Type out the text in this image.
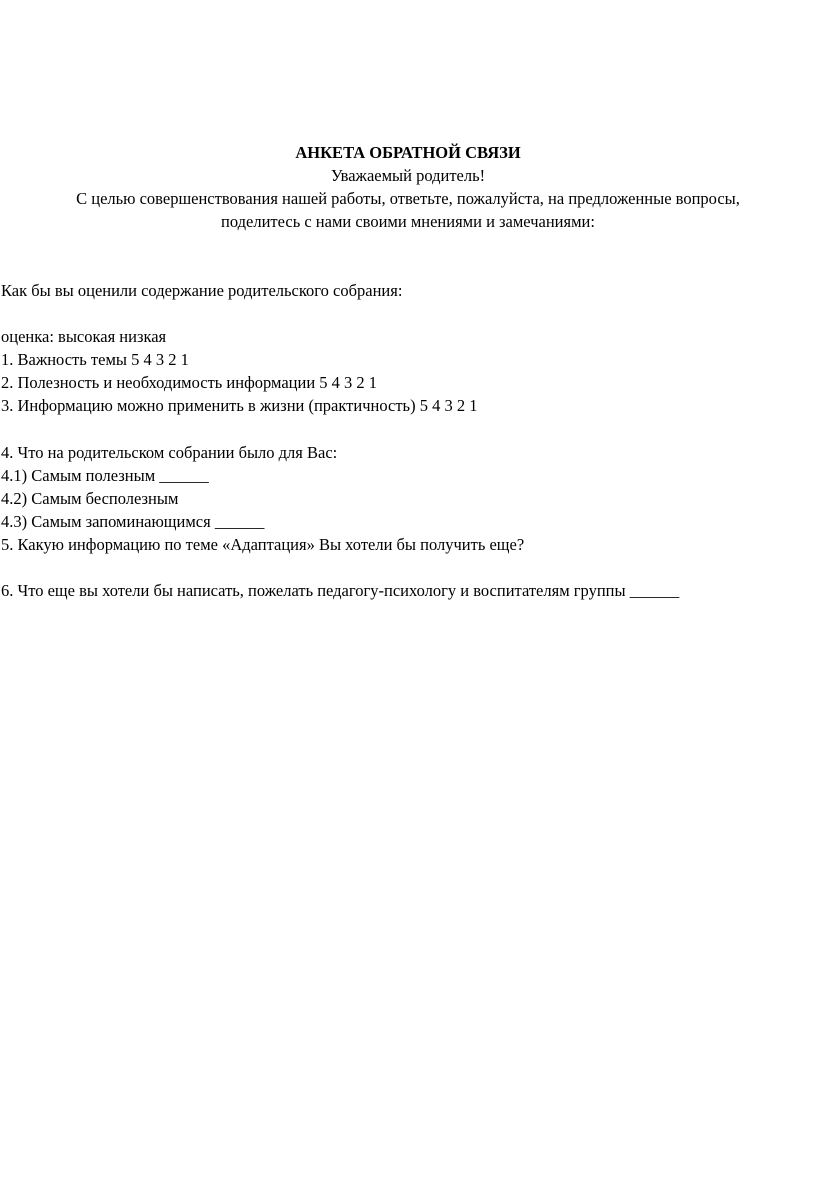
АНКЕТА ОБРАТНОЙ СВЯЗИ
Уважаемый родитель!
С целью совершенствования нашей работы, ответьте, пожалуйста, на предложенные вопросы,
поделитесь с нами своими мнениями и замечаниями:
Как бы вы оценили содержание родительского собрания:
оценка: высокая низкая
1. Важность темы 5 4 3 2 1
2. Полезность и необходимость информации 5 4 3 2 1
3. Информацию можно применить в жизни (практичность) 5 4 3 2 1
4. Что на родительском собрании было для Вас:
4.1) Самым полезным ______
4.2) Самым бесполезным
4.3) Самым запоминающимся ______
5. Какую информацию по теме «Адаптация» Вы хотели бы получить еще?
6. Что еще вы хотели бы написать, пожелать педагогу-психологу и воспитателям группы ______
